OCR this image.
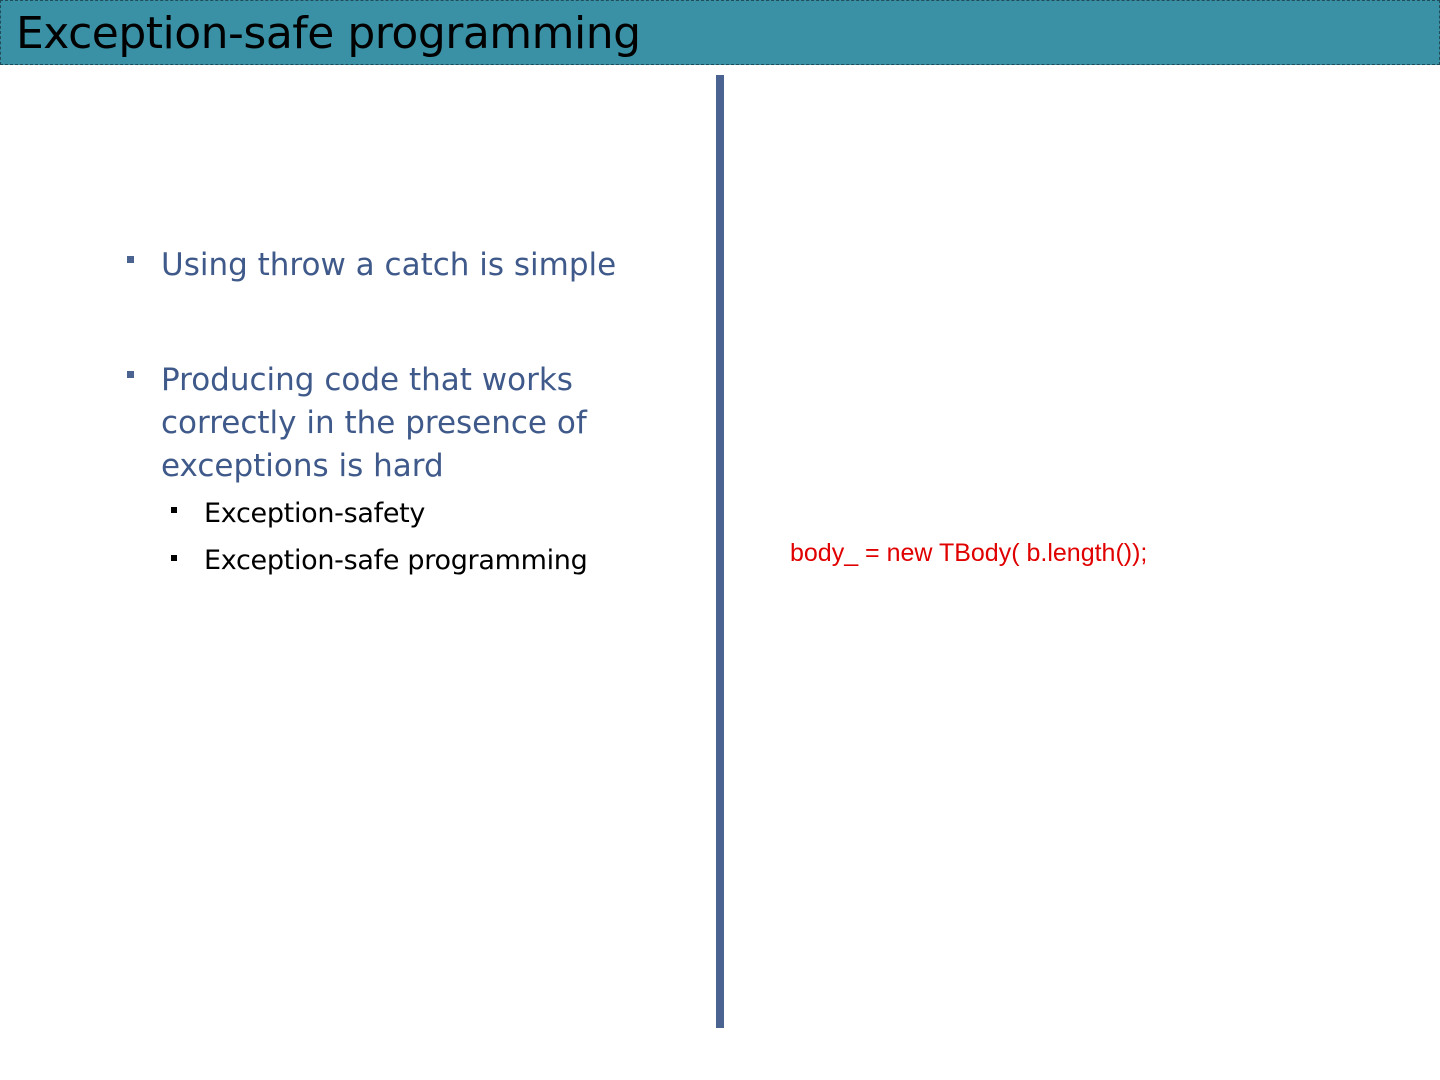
Exception-safe programming
Using throw a catch is simple
Producing code that works correctly in the presence of exceptions is hard
Exception-safety
Exception-safe programming	body_ = new TBody( b.length());
